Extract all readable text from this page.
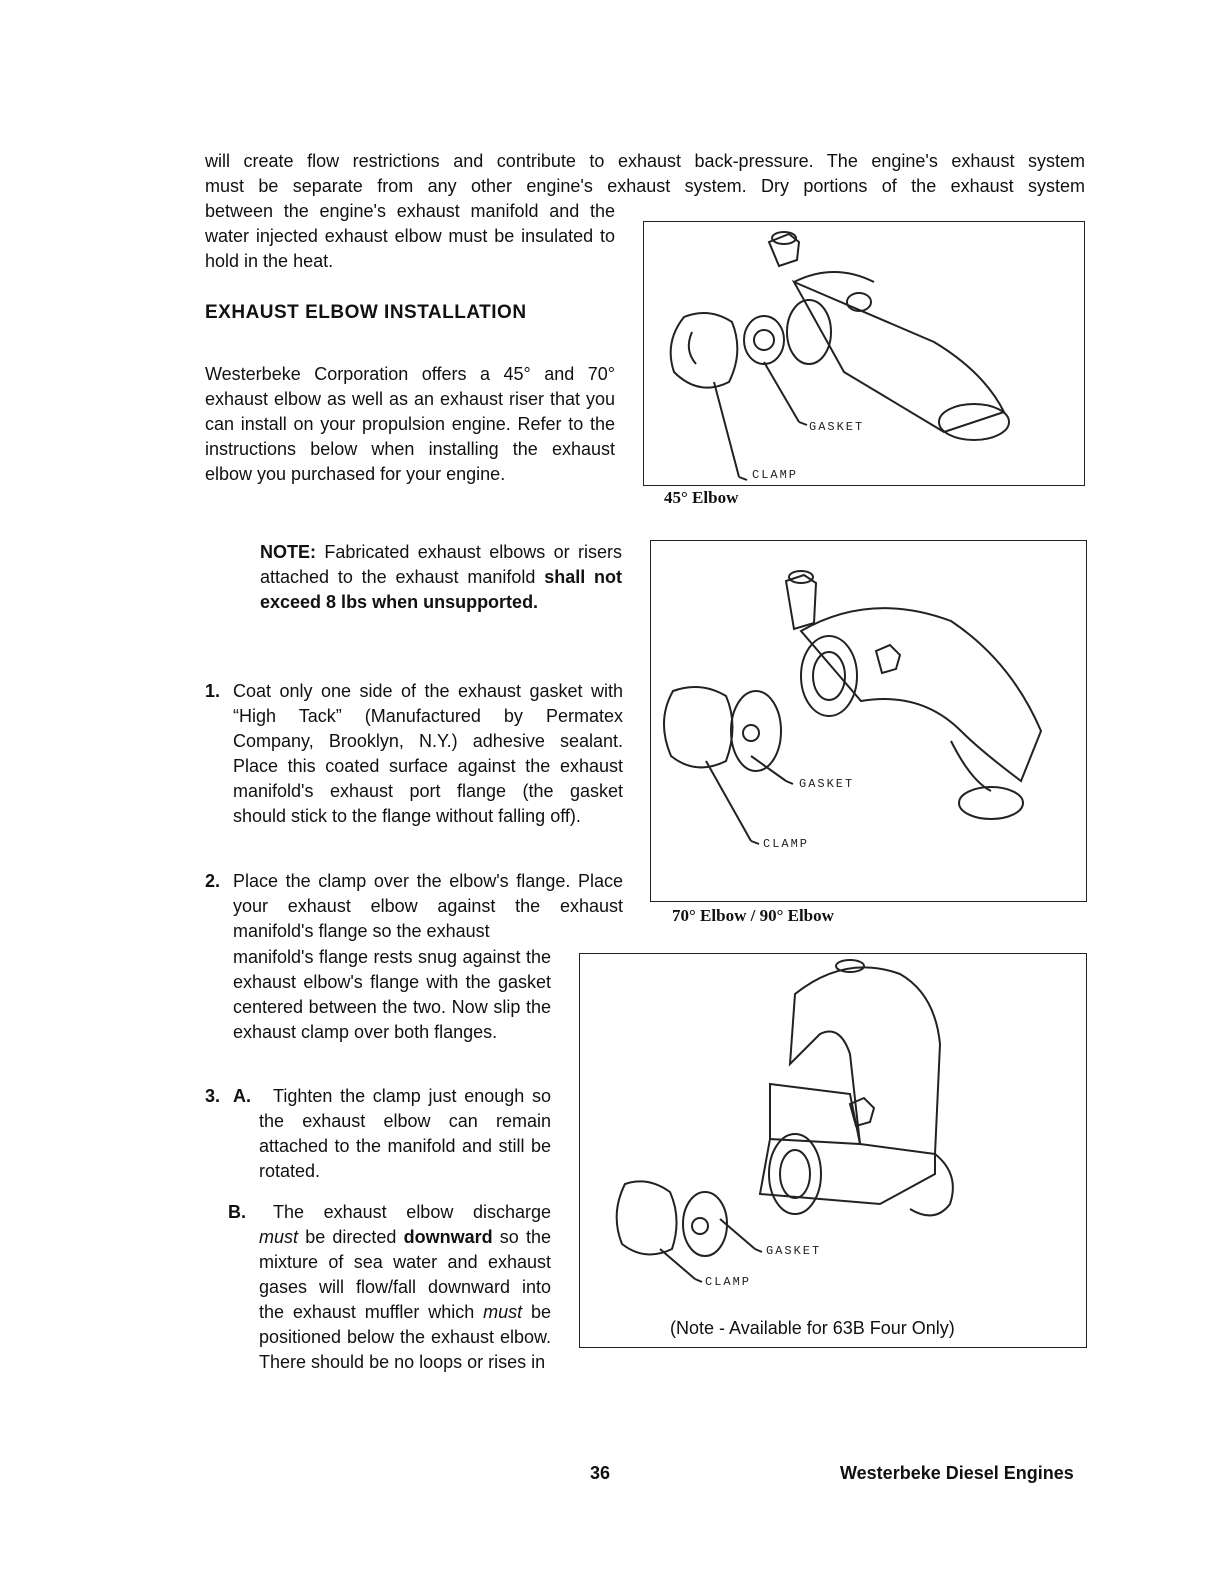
will create flow restrictions and contribute to exhaust back-pressure. The engine's exhaust system

must be separate from any other engine's exhaust system. Dry portions of the exhaust system

between the engine's exhaust manifold and the water injected exhaust elbow must be insulated to hold in the heat.

EXHAUST ELBOW INSTALLATION

Westerbeke Corporation offers a 45° and 70° exhaust elbow as well as an exhaust riser that you can install on your propulsion engine. Refer to the instructions below when installing the exhaust elbow you purchased for your engine.

NOTE: Fabricated exhaust elbows or risers attached to the exhaust manifold shall not exceed 8 lbs when unsupported.

1. Coat only one side of the exhaust gasket with “High Tack” (Manufactured by Permatex Company, Brooklyn, N.Y.) adhesive sealant. Place this coated surface against the exhaust manifold's exhaust port flange (the gasket should stick to the flange without falling off).

2. Place the clamp over the elbow's flange. Place your exhaust elbow against the exhaust manifold's flange so the exhaust

manifold's flange rests snug against the exhaust elbow's flange with the gasket centered between the two. Now slip the exhaust clamp over both flanges.

3. A.	Tighten the clamp just enough so the exhaust elbow can remain attached to the manifold and still be rotated.

B.	The exhaust elbow discharge must be directed downward so the mixture of sea water and exhaust gases will flow/fall downward into the exhaust muffler which must be positioned below the exhaust elbow. There should be no loops or rises in

GASKET
CLAMP
45° Elbow
GASKET
CLAMP
70° Elbow / 90° Elbow
GASKET
CLAMP
(Note - Available for 63B Four Only)
36	Westerbeke Diesel Engines
